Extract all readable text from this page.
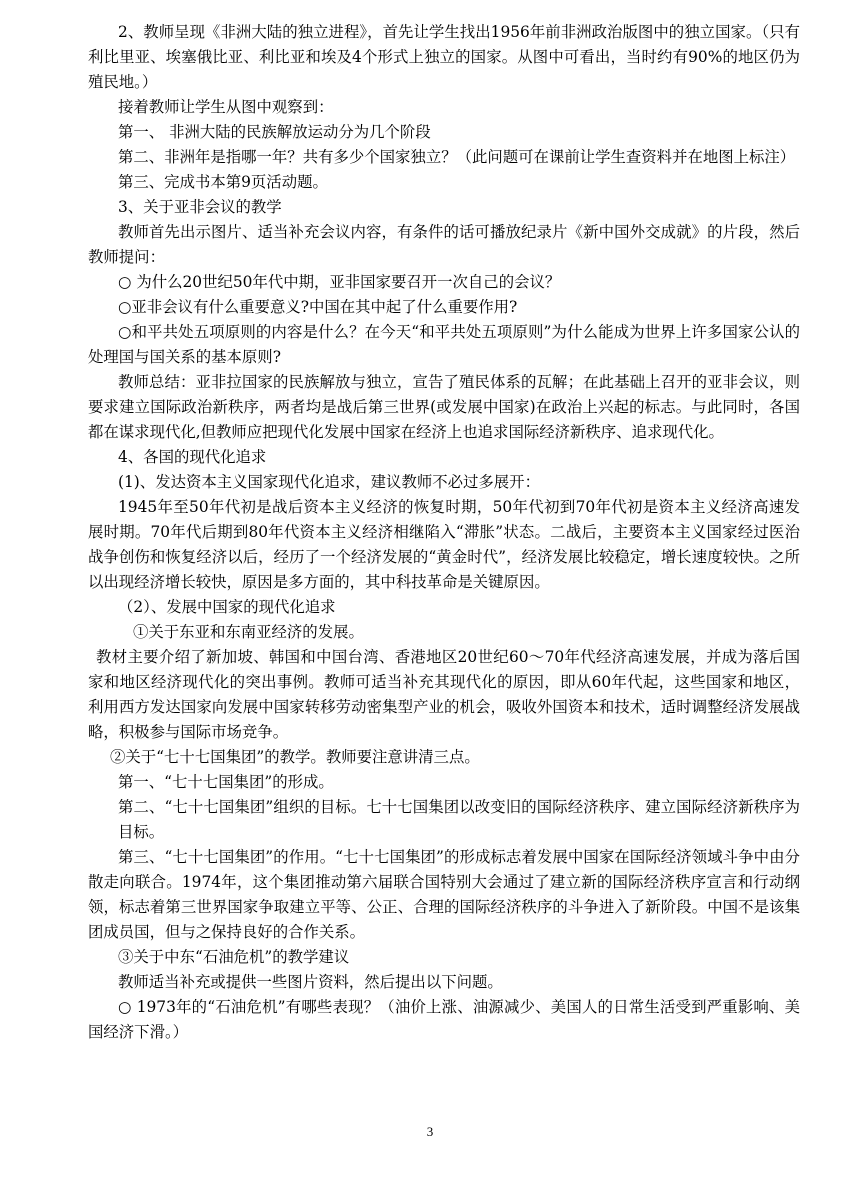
2、教师呈现《非洲大陆的独立进程》，首先让学生找出1956年前非洲政治版图中的独立国家。（只有利比里亚、埃塞俄比亚、利比亚和埃及4个形式上独立的国家。从图中可看出，当时约有90%的地区仍为殖民地。）

接着教师让学生从图中观察到：

第一、 非洲大陆的民族解放运动分为几个阶段

第二、非洲年是指哪一年？共有多少个国家独立？（此问题可在课前让学生查资料并在地图上标注）

第三、完成书本第9页活动题。

3、关于亚非会议的教学

教师首先出示图片、适当补充会议内容，有条件的话可播放纪录片《新中国外交成就》的片段，然后教师提问：

○ 为什么20世纪50年代中期，亚非国家要召开一次自己的会议？

○亚非会议有什么重要意义?中国在其中起了什么重要作用?

○和平共处五项原则的内容是什么？在今天“和平共处五项原则”为什么能成为世界上许多国家公认的处理国与国关系的基本原则?

教师总结：亚非拉国家的民族解放与独立，宣告了殖民体系的瓦解；在此基础上召开的亚非会议，则要求建立国际政治新秩序，两者均是战后第三世界(或发展中国家)在政治上兴起的标志。与此同时，各国都在谋求现代化,但教师应把现代化发展中国家在经济上也追求国际经济新秩序、追求现代化。

4、各国的现代化追求

(1)、发达资本主义国家现代化追求，建议教师不必过多展开：

1945年至50年代初是战后资本主义经济的恢复时期，50年代初到70年代初是资本主义经济高速发展时期。70年代后期到80年代资本主义经济相继陷入“滞胀”状态。二战后，主要资本主义国家经过医治战争创伤和恢复经济以后，经历了一个经济发展的“黄金时代”，经济发展比较稳定，增长速度较快。之所以出现经济增长较快，原因是多方面的，其中科技革命是关键原因。

（2）、发展中国家的现代化追求

①关于东亚和东南亚经济的发展。

教材主要介绍了新加坡、韩国和中国台湾、香港地区20世纪60～70年代经济高速发展，并成为落后国家和地区经济现代化的突出事例。教师可适当补充其现代化的原因，即从60年代起，这些国家和地区，利用西方发达国家向发展中国家转移劳动密集型产业的机会，吸收外国资本和技术，适时调整经济发展战略，积极参与国际市场竞争。

②关于“七十七国集团”的教学。教师要注意讲清三点。

第一、“七十七国集团”的形成。

第二、“七十七国集团”组织的目标。七十七国集团以改变旧的国际经济秩序、建立国际经济新秩序为目标。

第三、“七十七国集团”的作用。“七十七国集团”的形成标志着发展中国家在国际经济领域斗争中由分散走向联合。1974年，这个集团推动第六届联合国特别大会通过了建立新的国际经济秩序宣言和行动纲领，标志着第三世界国家争取建立平等、公正、合理的国际经济秩序的斗争进入了新阶段。中国不是该集团成员国，但与之保持良好的合作关系。

③关于中东“石油危机”的教学建议

教师适当补充或提供一些图片资料，然后提出以下问题。

○ 1973年的“石油危机”有哪些表现？（油价上涨、油源减少、美国人的日常生活受到严重影响、美国经济下滑。）

3
